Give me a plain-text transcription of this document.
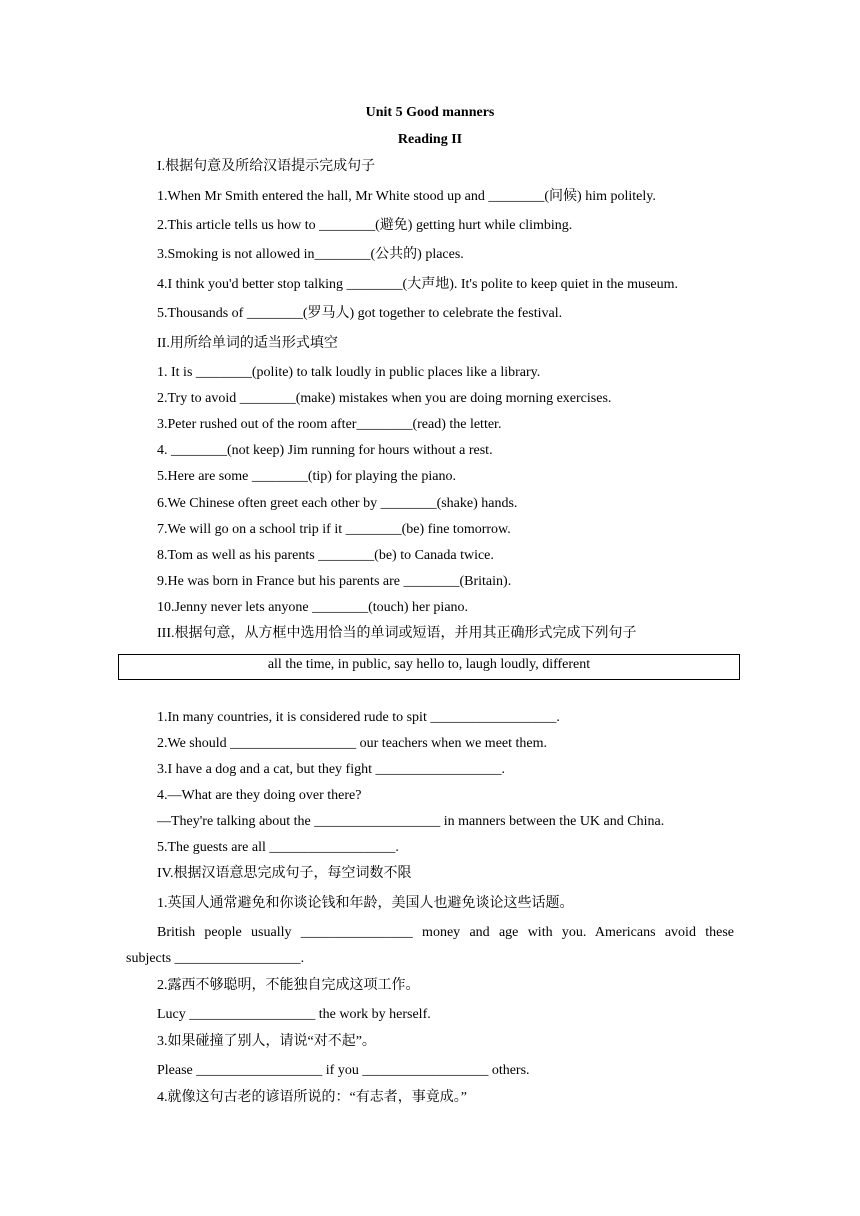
Unit 5 Good manners
Reading II
I.根据句意及所给汉语提示完成句子
1.When Mr Smith entered the hall, Mr White stood up and ________(问候) him politely.
2.This article tells us how to ________(避免) getting hurt while climbing.
3.Smoking is not allowed in________(公共的) places.
4.I think you'd better stop talking ________(大声地). It's polite to keep quiet in the museum.
5.Thousands of ________(罗马人) got together to celebrate the festival.
II.用所给单词的适当形式填空
1. It is ________(polite) to talk loudly in public places like a library.
2.Try to avoid ________(make) mistakes when you are doing morning exercises.
3.Peter rushed out of the room after________(read) the letter.
4. ________(not keep) Jim running for hours without a rest.
5.Here are some ________(tip) for playing the piano.
6.We Chinese often greet each other by ________(shake) hands.
7.We will go on a school trip if it ________(be) fine tomorrow.
8.Tom as well as his parents ________(be) to Canada twice.
9.He was born in France but his parents are ________(Britain).
10.Jenny never lets anyone ________(touch) her piano.
III.根据句意，从方框中选用恰当的单词或短语，并用其正确形式完成下列句子
all the time, in public, say hello to, laugh loudly, different
1.In many countries, it is considered rude to spit __________________.
2.We should __________________ our teachers when we meet them.
3.I have a dog and a cat, but they fight __________________.
4.—What are they doing over there?
—They're talking about the __________________ in manners between the UK and China.
5.The guests are all __________________.
IV.根据汉语意思完成句子，每空词数不限
1.英国人通常避免和你谈论钱和年龄，美国人也避免谈论这些话题。
British people usually ________________ money and age with you. Americans avoid these
subjects __________________.
2.露西不够聪明，不能独自完成这项工作。
Lucy __________________ the work by herself.
3.如果碰撞了别人，请说“对不起”。
Please __________________ if you __________________ others.
4.就像这句古老的谚语所说的：“有志者，事竟成。”
